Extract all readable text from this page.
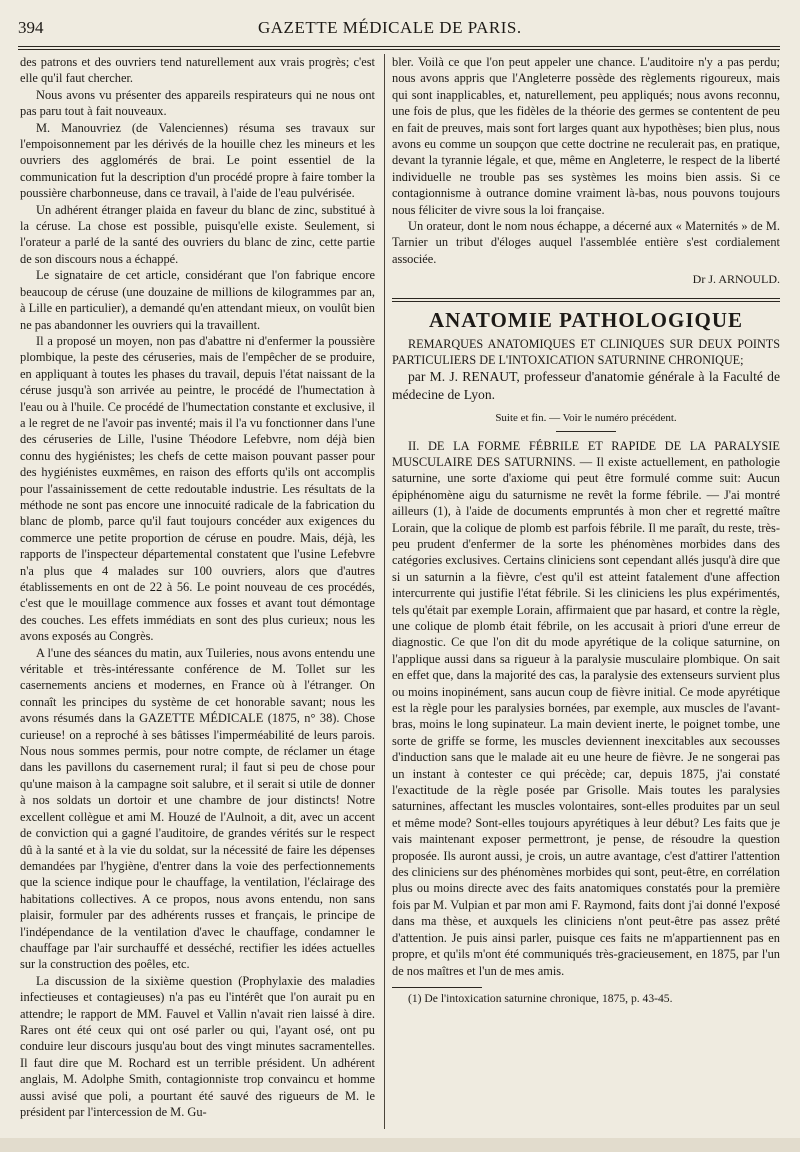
394	GAZETTE MÉDICALE DE PARIS.

des patrons et des ouvriers tend naturellement aux vrais progrès; c'est elle qu'il faut chercher.

Nous avons vu présenter des appareils respirateurs qui ne nous ont pas paru tout à fait nouveaux.

M. Manouvriez (de Valenciennes) résuma ses travaux sur l'empoisonnement par les dérivés de la houille chez les mineurs et les ouvriers des agglomérés de brai. Le point essentiel de la communication fut la description d'un procédé propre à faire tomber la poussière charbonneuse, dans ce travail, à l'aide de l'eau pulvérisée.

Un adhérent étranger plaida en faveur du blanc de zinc, substitué à la céruse. La chose est possible, puisqu'elle existe. Seulement, si l'orateur a parlé de la santé des ouvriers du blanc de zinc, cette partie de son discours nous a échappé.

Le signataire de cet article, considérant que l'on fabrique encore beaucoup de céruse (une douzaine de millions de kilogrammes par an, à Lille en particulier), a demandé qu'en attendant mieux, on voulût bien ne pas abandonner les ouvriers qui la travaillent.

Il a proposé un moyen, non pas d'abattre ni d'enfermer la poussière plombique, la peste des céruseries, mais de l'empêcher de se produire, en appliquant à toutes les phases du travail, depuis l'état naissant de la céruse jusqu'à son arrivée au peintre, le procédé de l'humectation à l'eau ou à l'huile. Ce procédé de l'humectation constante et exclusive, il a le regret de ne l'avoir pas inventé; mais il l'a vu fonctionner dans l'une des céruseries de Lille, l'usine Théodore Lefebvre, nom déjà bien connu des hygiénistes; les chefs de cette maison pouvant passer pour des hygiénistes euxmêmes, en raison des efforts qu'ils ont accomplis pour l'assainissement de cette redoutable industrie. Les résultats de la méthode ne sont pas encore une innocuité radicale de la fabrication du blanc de plomb, parce qu'il faut toujours concéder aux exigences du commerce une petite proportion de céruse en poudre. Mais, déjà, les rapports de l'inspecteur départemental constatent que l'usine Lefebvre n'a plus que 4 malades sur 100 ouvriers, alors que d'autres établissements en ont de 22 à 56. Le point nouveau de ces procédés, c'est que le mouillage commence aux fosses et avant tout démontage des couches. Les effets immédiats en sont des plus curieux; nous les avons exposés au Congrès.

A l'une des séances du matin, aux Tuileries, nous avons entendu une véritable et très-intéressante conférence de M. Tollet sur les casernements anciens et modernes, en France où à l'étranger. On connaît les principes du système de cet honorable savant; nous les avons résumés dans la GAZETTE MÉDICALE (1875, n° 38). Chose curieuse! on a reproché à ses bâtisses l'imperméabilité de leurs parois. Nous nous sommes permis, pour notre compte, de réclamer un étage dans les pavillons du casernement rural; il faut si peu de chose pour qu'une maison à la campagne soit salubre, et il serait si utile de donner à nos soldats un dortoir et une chambre de jour distincts! Notre excellent collègue et ami M. Houzé de l'Aulnoit, a dit, avec un accent de conviction qui a gagné l'auditoire, de grandes vérités sur le respect dû à la santé et à la vie du soldat, sur la nécessité de faire les dépenses demandées par l'hygiène, d'entrer dans la voie des perfectionnements que la science indique pour le chauffage, la ventilation, l'éclairage des habitations collectives. A ce propos, nous avons entendu, non sans plaisir, formuler par des adhérents russes et français, le principe de l'indépendance de la ventilation d'avec le chauffage, condamner le chauffage par l'air surchauffé et desséché, rectifier les idées actuelles sur la construction des poêles, etc.

La discussion de la sixième question (Prophylaxie des maladies infectieuses et contagieuses) n'a pas eu l'intérêt que l'on aurait pu en attendre; le rapport de MM. Fauvel et Vallin n'avait rien laissé à dire. Rares ont été ceux qui ont osé parler ou qui, l'ayant osé, ont pu conduire leur discours jusqu'au bout des vingt minutes sacramentelles. Il faut dire que M. Rochard est un terrible président. Un adhérent anglais, M. Adolphe Smith, contagionniste trop convaincu et homme aussi avisé que poli, a pourtant été sauvé des rigueurs de M. le président par l'intercession de M. Gu-

bler. Voilà ce que l'on peut appeler une chance. L'auditoire n'y a pas perdu; nous avons appris que l'Angleterre possède des règlements rigoureux, mais qui sont inapplicables, et, naturellement, peu appliqués; nous avons reconnu, une fois de plus, que les fidèles de la théorie des germes se contentent de peu en fait de preuves, mais sont fort larges quant aux hypothèses; bien plus, nous avons eu comme un soupçon que cette doctrine ne reculerait pas, en pratique, devant la tyrannie légale, et que, même en Angleterre, le respect de la liberté individuelle ne trouble pas ses systèmes les moins bien assis. Si ce contagionnisme à outrance domine vraiment là-bas, nous pouvons toujours nous féliciter de vivre sous la loi française.

Un orateur, dont le nom nous échappe, a décerné aux « Maternités » de M. Tarnier un tribut d'éloges auquel l'assemblée entière s'est cordialement associée.

Dr J. ARNOULD.
ANATOMIE PATHOLOGIQUE

REMARQUES ANATOMIQUES ET CLINIQUES SUR DEUX POINTS PARTICULIERS DE L'INTOXICATION SATURNINE CHRONIQUE;

par M. J. RENAUT, professeur d'anatomie générale à la Faculté de médecine de Lyon.

Suite et fin. — Voir le numéro précédent.

II. DE LA FORME FÉBRILE ET RAPIDE DE LA PARALYSIE MUSCULAIRE DES SATURNINS. — Il existe actuellement, en pathologie saturnine, une sorte d'axiome qui peut être formulé comme suit: Aucun épiphénomène aigu du saturnisme ne revêt la forme fébrile. — J'ai montré ailleurs (1), à l'aide de documents empruntés à mon cher et regretté maître Lorain, que la colique de plomb est parfois fébrile. Il me paraît, du reste, très-peu prudent d'enfermer de la sorte les phénomènes morbides dans des catégories exclusives. Certains cliniciens sont cependant allés jusqu'à dire que si un saturnin a la fièvre, c'est qu'il est atteint fatalement d'une affection intercurrente qui justifie l'état fébrile. Si les cliniciens les plus expérimentés, tels qu'était par exemple Lorain, affirmaient que par hasard, et contre la règle, une colique de plomb était fébrile, on les accusait à priori d'une erreur de diagnostic. Ce que l'on dit du mode apyrétique de la colique saturnine, on l'applique aussi dans sa rigueur à la paralysie musculaire plombique. On sait en effet que, dans la majorité des cas, la paralysie des extenseurs survient plus ou moins inopinément, sans aucun coup de fièvre initial. Ce mode apyrétique est la règle pour les paralysies bornées, par exemple, aux muscles de l'avant-bras, moins le long supinateur. La main devient inerte, le poignet tombe, une sorte de griffe se forme, les muscles deviennent inexcitables aux secousses d'induction sans que le malade ait eu une heure de fièvre. Je ne songerai pas un instant à contester ce qui précède; car, depuis 1875, j'ai constaté l'exactitude de la règle posée par Grisolle. Mais toutes les paralysies saturnines, affectant les muscles volontaires, sont-elles produites par un seul et même mode? Sont-elles toujours apyrétiques à leur début? Les faits que je vais maintenant exposer permettront, je pense, de résoudre la question proposée. Ils auront aussi, je crois, un autre avantage, c'est d'attirer l'attention des cliniciens sur des phénomènes morbides qui sont, peut-être, en corrélation plus ou moins directe avec des faits anatomiques constatés pour la première fois par M. Vulpian et par mon ami F. Raymond, faits dont j'ai donné l'exposé dans ma thèse, et auxquels les cliniciens n'ont peut-être pas assez prêté d'attention. Je puis ainsi parler, puisque ces faits ne m'appartiennent pas en propre, et qu'ils m'ont été communiqués très-gracieusement, en 1875, par l'un de nos maîtres et l'un de mes amis.

(1) De l'intoxication saturnine chronique, 1875, p. 43-45.
